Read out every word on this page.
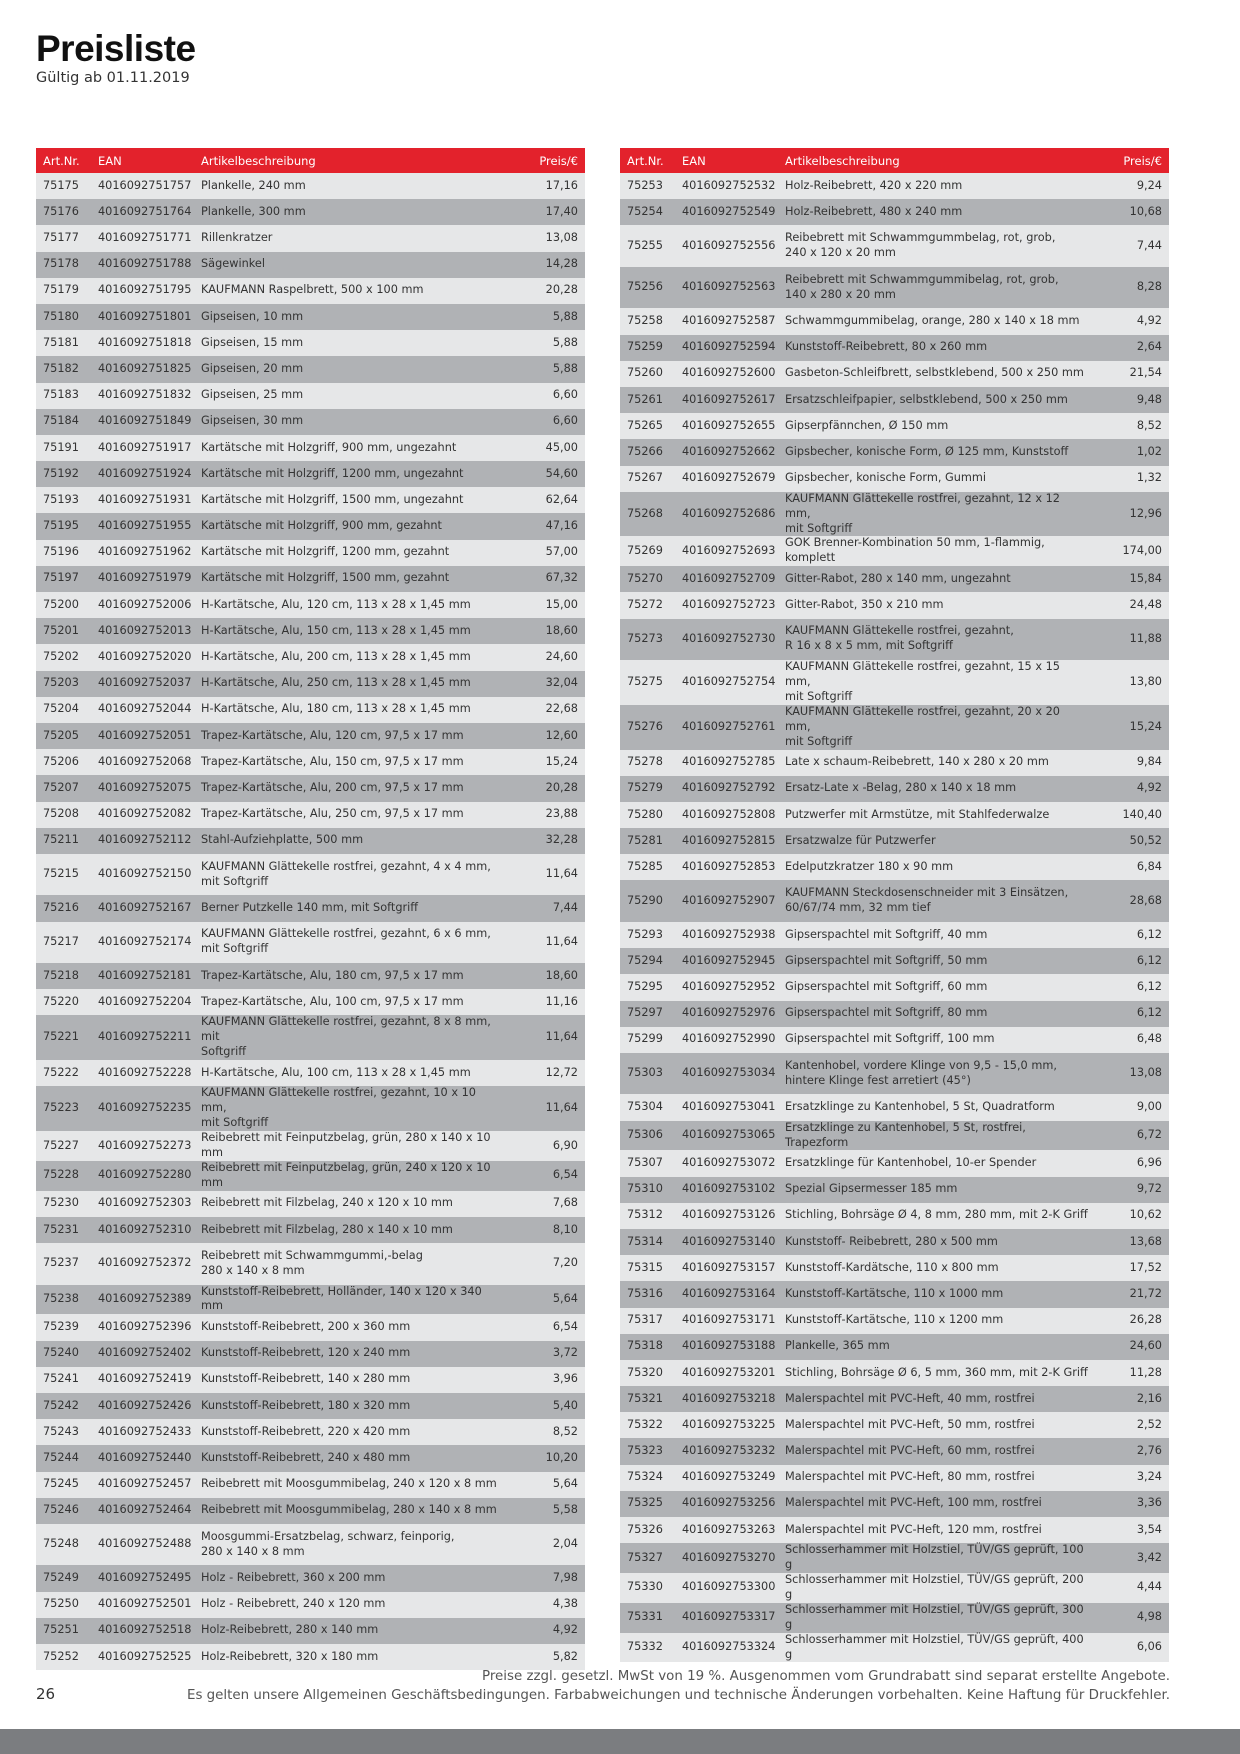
Preisliste
Gültig ab 01.11.2019
Art.Nr.	EAN	Artikelbeschreibung	Preis/€
75175	4016092751757	Plankelle, 240 mm	17,16
75176	4016092751764	Plankelle, 300 mm	17,40
75177	4016092751771	Rillenkratzer	13,08
75178	4016092751788	Sägewinkel	14,28
75179	4016092751795	KAUFMANN Raspelbrett, 500 x 100 mm	20,28
75180	4016092751801	Gipseisen, 10 mm	5,88
75181	4016092751818	Gipseisen, 15 mm	5,88
75182	4016092751825	Gipseisen, 20 mm	5,88
75183	4016092751832	Gipseisen, 25 mm	6,60
75184	4016092751849	Gipseisen, 30 mm	6,60
75191	4016092751917	Kartätsche mit Holzgriff, 900 mm, ungezahnt	45,00
75192	4016092751924	Kartätsche mit Holzgriff, 1200 mm, ungezahnt	54,60
75193	4016092751931	Kartätsche mit Holzgriff, 1500 mm, ungezahnt	62,64
75195	4016092751955	Kartätsche mit Holzgriff, 900 mm, gezahnt	47,16
75196	4016092751962	Kartätsche mit Holzgriff, 1200 mm, gezahnt	57,00
75197	4016092751979	Kartätsche mit Holzgriff, 1500 mm, gezahnt	67,32
75200	4016092752006	H-Kartätsche, Alu, 120 cm, 113 x 28 x 1,45 mm	15,00
75201	4016092752013	H-Kartätsche, Alu, 150 cm, 113 x 28 x 1,45 mm	18,60
75202	4016092752020	H-Kartätsche, Alu, 200 cm, 113 x 28 x 1,45 mm	24,60
75203	4016092752037	H-Kartätsche, Alu, 250 cm, 113 x 28 x 1,45 mm	32,04
75204	4016092752044	H-Kartätsche, Alu, 180 cm, 113 x 28 x 1,45 mm	22,68
75205	4016092752051	Trapez-Kartätsche, Alu, 120 cm, 97,5 x 17 mm	12,60
75206	4016092752068	Trapez-Kartätsche, Alu, 150 cm, 97,5 x 17 mm	15,24
75207	4016092752075	Trapez-Kartätsche, Alu, 200 cm, 97,5 x 17 mm	20,28
75208	4016092752082	Trapez-Kartätsche, Alu, 250 cm, 97,5 x 17 mm	23,88
75211	4016092752112	Stahl-Aufziehplatte, 500 mm	32,28
75215	4016092752150	KAUFMANN Glättekelle rostfrei, gezahnt, 4 x 4 mm,
mit Softgriff	11,64
75216	4016092752167	Berner Putzkelle 140 mm, mit Softgriff	7,44
75217	4016092752174	KAUFMANN Glättekelle rostfrei, gezahnt, 6 x 6 mm,
mit Softgriff	11,64
75218	4016092752181	Trapez-Kartätsche, Alu, 180 cm, 97,5 x 17 mm	18,60
75220	4016092752204	Trapez-Kartätsche, Alu, 100 cm, 97,5 x 17 mm	11,16
75221	4016092752211	KAUFMANN Glättekelle rostfrei, gezahnt, 8 x 8 mm, mit
Softgriff	11,64
75222	4016092752228	H-Kartätsche, Alu, 100 cm, 113 x 28 x 1,45 mm	12,72
75223	4016092752235	KAUFMANN Glättekelle rostfrei, gezahnt, 10 x 10 mm,
mit Softgriff	11,64
75227	4016092752273	Reibebrett mit Feinputzbelag, grün, 280 x 140 x 10 mm	6,90
75228	4016092752280	Reibebrett mit Feinputzbelag, grün, 240 x 120 x 10 mm	6,54
75230	4016092752303	Reibebrett mit Filzbelag, 240 x 120 x 10 mm	7,68
75231	4016092752310	Reibebrett mit Filzbelag, 280 x 140 x 10 mm	8,10
75237	4016092752372	Reibebrett mit Schwammgummi,-belag
280 x 140 x 8 mm	7,20
75238	4016092752389	Kunststoff-Reibebrett, Holländer, 140 x 120 x 340 mm	5,64
75239	4016092752396	Kunststoff-Reibebrett, 200 x 360 mm	6,54
75240	4016092752402	Kunststoff-Reibebrett, 120 x 240 mm	3,72
75241	4016092752419	Kunststoff-Reibebrett, 140 x 280 mm	3,96
75242	4016092752426	Kunststoff-Reibebrett, 180 x 320 mm	5,40
75243	4016092752433	Kunststoff-Reibebrett, 220 x 420 mm	8,52
75244	4016092752440	Kunststoff-Reibebrett, 240 x 480 mm	10,20
75245	4016092752457	Reibebrett mit Moosgummibelag, 240 x 120 x 8 mm	5,64
75246	4016092752464	Reibebrett mit Moosgummibelag, 280 x 140 x 8 mm	5,58
75248	4016092752488	Moosgummi-Ersatzbelag, schwarz, feinporig,
280 x 140 x 8 mm	2,04
75249	4016092752495	Holz - Reibebrett, 360 x 200 mm	7,98
75250	4016092752501	Holz - Reibebrett, 240 x 120 mm	4,38
75251	4016092752518	Holz-Reibebrett, 280 x 140 mm	4,92
75252	4016092752525	Holz-Reibebrett, 320 x 180 mm	5,82
Art.Nr.	EAN	Artikelbeschreibung	Preis/€
75253	4016092752532	Holz-Reibebrett, 420 x 220 mm	9,24
75254	4016092752549	Holz-Reibebrett, 480 x 240 mm	10,68
75255	4016092752556	Reibebrett mit Schwammgummbelag, rot, grob,
240 x 120 x 20 mm	7,44
75256	4016092752563	Reibebrett mit Schwammgummibelag, rot, grob,
140 x 280 x 20 mm	8,28
75258	4016092752587	Schwammgummibelag, orange, 280 x 140 x 18 mm	4,92
75259	4016092752594	Kunststoff-Reibebrett, 80 x 260 mm	2,64
75260	4016092752600	Gasbeton-Schleifbrett, selbstklebend, 500 x 250 mm	21,54
75261	4016092752617	Ersatzschleifpapier, selbstklebend, 500 x 250 mm	9,48
75265	4016092752655	Gipserpfännchen, Ø 150 mm	8,52
75266	4016092752662	Gipsbecher, konische Form, Ø 125 mm, Kunststoff	1,02
75267	4016092752679	Gipsbecher, konische Form, Gummi	1,32
75268	4016092752686	KAUFMANN Glättekelle rostfrei, gezahnt, 12 x 12 mm,
mit Softgriff	12,96
75269	4016092752693	GOK Brenner-Kombination 50 mm, 1-flammig, komplett	174,00
75270	4016092752709	Gitter-Rabot, 280 x 140 mm, ungezahnt	15,84
75272	4016092752723	Gitter-Rabot, 350 x 210 mm	24,48
75273	4016092752730	KAUFMANN Glättekelle rostfrei, gezahnt,
R 16 x 8 x 5 mm, mit Softgriff	11,88
75275	4016092752754	KAUFMANN Glättekelle rostfrei, gezahnt, 15 x 15 mm,
mit Softgriff	13,80
75276	4016092752761	KAUFMANN Glättekelle rostfrei, gezahnt, 20 x 20 mm,
mit Softgriff	15,24
75278	4016092752785	Late x schaum-Reibebrett, 140 x 280 x 20 mm	9,84
75279	4016092752792	Ersatz-Late x -Belag, 280 x 140 x 18 mm	4,92
75280	4016092752808	Putzwerfer mit Armstütze, mit Stahlfederwalze	140,40
75281	4016092752815	Ersatzwalze für Putzwerfer	50,52
75285	4016092752853	Edelputzkratzer 180 x 90 mm	6,84
75290	4016092752907	KAUFMANN Steckdosenschneider mit 3 Einsätzen,
60/67/74 mm, 32 mm tief	28,68
75293	4016092752938	Gipserspachtel mit Softgriff, 40 mm	6,12
75294	4016092752945	Gipserspachtel mit Softgriff, 50 mm	6,12
75295	4016092752952	Gipserspachtel mit Softgriff, 60 mm	6,12
75297	4016092752976	Gipserspachtel mit Softgriff, 80 mm	6,12
75299	4016092752990	Gipserspachtel mit Softgriff, 100 mm	6,48
75303	4016092753034	Kantenhobel, vordere Klinge von 9,5 - 15,0 mm,
hintere Klinge fest arretiert (45°)	13,08
75304	4016092753041	Ersatzklinge zu Kantenhobel, 5 St, Quadratform	9,00
75306	4016092753065	Ersatzklinge zu Kantenhobel, 5 St, rostfrei, Trapezform	6,72
75307	4016092753072	Ersatzklinge für Kantenhobel, 10-er Spender	6,96
75310	4016092753102	Spezial Gipsermesser 185 mm	9,72
75312	4016092753126	Stichling, Bohrsäge Ø 4, 8 mm, 280 mm, mit 2-K Griff	10,62
75314	4016092753140	Kunststoff- Reibebrett, 280 x 500 mm	13,68
75315	4016092753157	Kunststoff-Kardätsche, 110 x 800 mm	17,52
75316	4016092753164	Kunststoff-Kartätsche, 110 x 1000 mm	21,72
75317	4016092753171	Kunststoff-Kartätsche, 110 x 1200 mm	26,28
75318	4016092753188	Plankelle, 365 mm	24,60
75320	4016092753201	Stichling, Bohrsäge Ø 6, 5 mm, 360 mm, mit 2-K Griff	11,28
75321	4016092753218	Malerspachtel mit PVC-Heft, 40 mm, rostfrei	2,16
75322	4016092753225	Malerspachtel mit PVC-Heft, 50 mm, rostfrei	2,52
75323	4016092753232	Malerspachtel mit PVC-Heft, 60 mm, rostfrei	2,76
75324	4016092753249	Malerspachtel mit PVC-Heft, 80 mm, rostfrei	3,24
75325	4016092753256	Malerspachtel mit PVC-Heft, 100 mm, rostfrei	3,36
75326	4016092753263	Malerspachtel mit PVC-Heft, 120 mm, rostfrei	3,54
75327	4016092753270	Schlosserhammer mit Holzstiel, TÜV/GS geprüft, 100 g	3,42
75330	4016092753300	Schlosserhammer mit Holzstiel, TÜV/GS geprüft, 200 g	4,44
75331	4016092753317	Schlosserhammer mit Holzstiel, TÜV/GS geprüft, 300 g	4,98
75332	4016092753324	Schlosserhammer mit Holzstiel, TÜV/GS geprüft, 400 g	6,06
26
Preise zzgl. gesetzl. MwSt von 19 %. Ausgenommen vom Grundrabatt sind separat erstellte Angebote.
Es gelten unsere Allgemeinen Geschäftsbedingungen. Farbabweichungen und technische Änderungen vorbehalten. Keine Haftung für Druckfehler.
